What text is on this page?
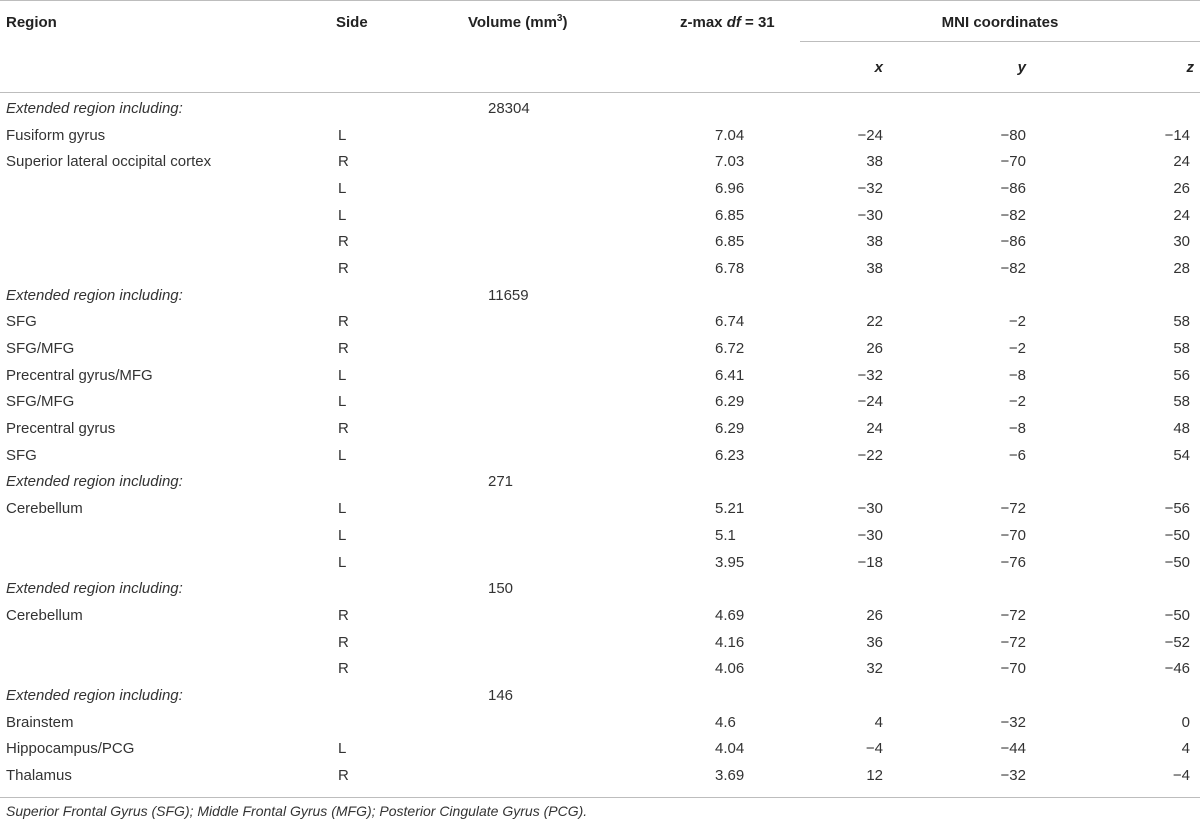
Region	Side	Volume $(mm^3)$	z-max df = 31	MNI coordinates		
				x	y	z
Extended region including:		28304				
Fusiform gyrus	L		7.04	−24	−80	−14
Superior lateral occipital cortex	R		7.03	38	−70	24
	L		6.96	−32	−86	26
	L		6.85	−30	−82	24
	R		6.85	38	−86	30
	R		6.78	38	−82	28
Extended region including:		11659				
SFG	R		6.74	22	−2	58
SFG/MFG	R		6.72	26	−2	58
Precentral gyrus/MFG	L		6.41	−32	−8	56
SFG/MFG	L		6.29	−24	−2	58
Precentral gyrus	R		6.29	24	−8	48
SFG	L		6.23	−22	−6	54
Extended region including:		271				
Cerebellum	L		5.21	−30	−72	−56
	L		5.1	−30	−70	−50
	L		3.95	−18	−76	−50
Extended region including:		150				
Cerebellum	R		4.69	26	−72	−50
	R		4.16	36	−72	−52
	R		4.06	32	−70	−46
Extended region including:		146				
Brainstem			4.6	4	−32	0
Hippocampus/PCG	L		4.04	−4	−44	4
Thalamus	R		3.69	12	−32	−4
Superior Frontal Gyrus (SFG); Middle Frontal Gyrus (MFG); Posterior Cingulate Gyrus (PCG).
